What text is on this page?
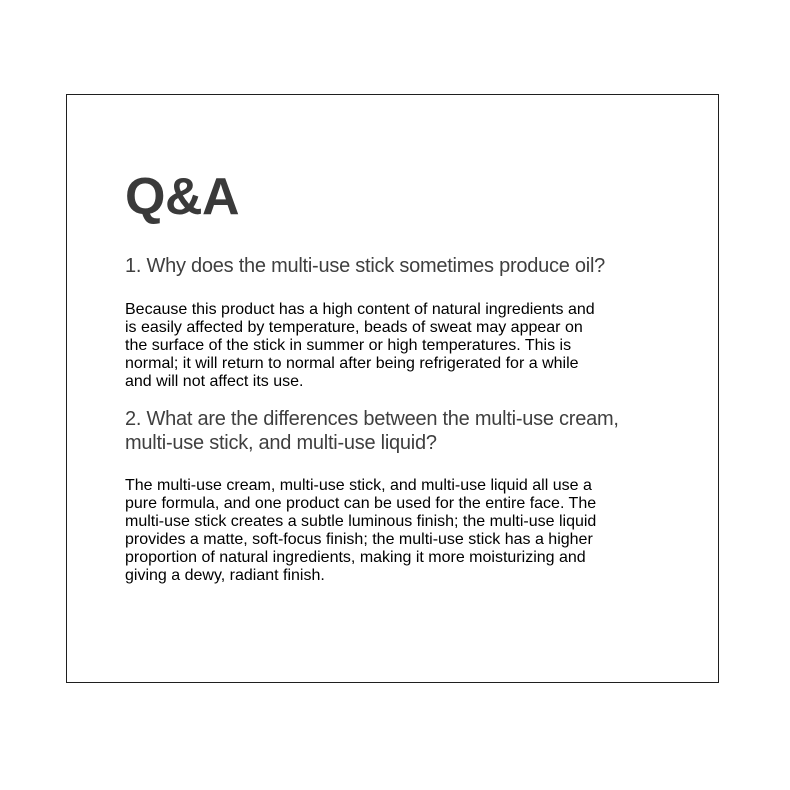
Q&A
1. Why does the multi-use stick sometimes produce oil?

Because this product has a high content of natural ingredients and
is easily affected by temperature, beads of sweat may appear on
the surface of the stick in summer or high temperatures. This is
normal; it will return to normal after being refrigerated for a while
and will not affect its use.

2. What are the differences between the multi-use cream,
multi-use stick, and multi-use liquid?

The multi-use cream, multi-use stick, and multi-use liquid all use a
pure formula, and one product can be used for the entire face. The
multi-use stick creates a subtle luminous finish; the multi-use liquid
provides a matte, soft-focus finish; the multi-use stick has a higher
proportion of natural ingredients, making it more moisturizing and
giving a dewy, radiant finish.
